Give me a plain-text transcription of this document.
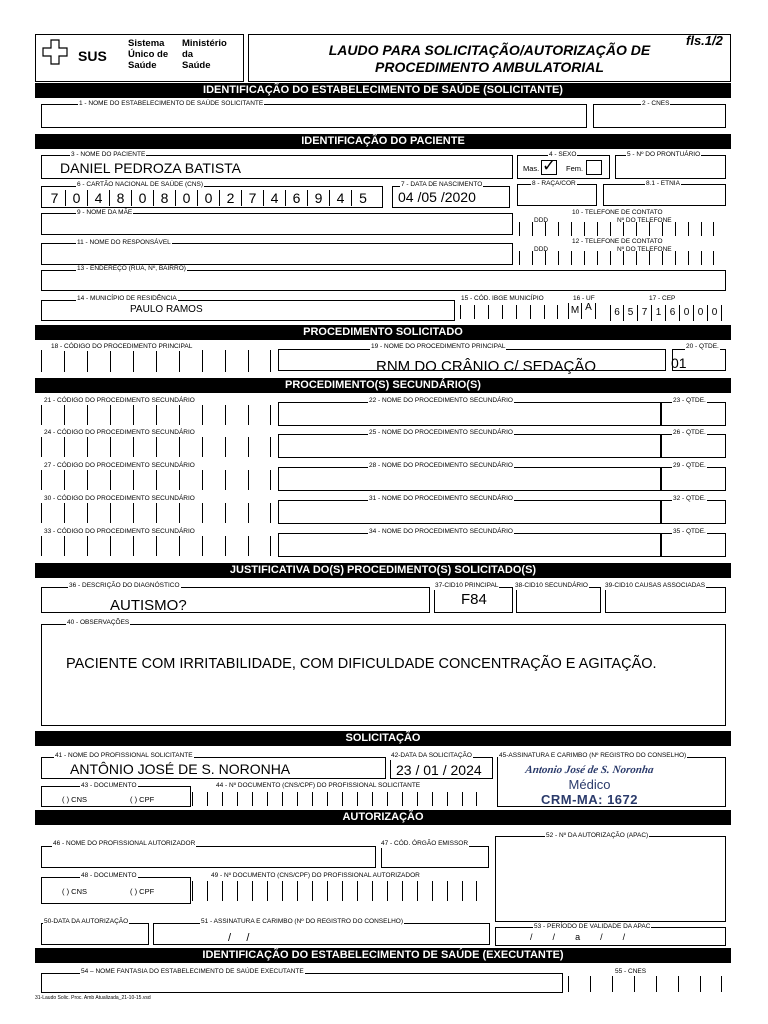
SUS
Sistema
Único de
Saúde
Ministério
da
Saúde
LAUDO PARA SOLICITAÇÃO/AUTORIZAÇÃO DE
PROCEDIMENTO AMBULATORIAL
fls.1/2
IDENTIFICAÇÃO DO ESTABELECIMENTO DE SAÚDE (SOLICITANTE)
1 - NOME DO ESTABELECIMENTO DE SAÚDE SOLICITANTE	2 - CNES
IDENTIFICAÇÃO DO PACIENTE
3 - NOME DO PACIENTE
DANIEL PEDROZA BATISTA
4 - SEXO
Mas. ✓ Fem.
5 - Nº DO PRONTUÁRIO
6 - CARTÃO NACIONAL DE SAÚDE (CNS)
7	0	4	8	0	8	0	0	2	7	4	6	9	4	5
7 - DATA DE NASCIMENTO
04 /05 /2020
8 - RAÇA/COR	8.1 - ETNIA
9 - NOME DA MÃE	10 - TELEFONE DE CONTATO
DDD	Nº DO TELEFONE
11 - NOME DO RESPONSÁVEL	12 - TELEFONE DE CONTATO
DDD	Nº DO TELEFONE
13 - ENDEREÇO (RUA, Nº, BAIRRO)
14 - MUNICÍPIO DE RESIDÊNCIA
PAULO RAMOS
15 - CÓD. IBGE MUNICÍPIO	16 - UF
M A
17 - CEP
6 5 7 1 6 0 0 0
PROCEDIMENTO SOLICITADO
18 - CÓDIGO DO PROCEDIMENTO PRINCIPAL	19 - NOME DO PROCEDIMENTO PRINCIPAL
RNM DO CRÂNIO C/ SEDAÇÃO
20 - QTDE.
01
PROCEDIMENTO(S) SECUNDÁRIO(S)
21 - CÓDIGO DO PROCEDIMENTO SECUNDÁRIO	22 - NOME DO PROCEDIMENTO SECUNDÁRIO	23 - QTDE.
24 - CÓDIGO DO PROCEDIMENTO SECUNDÁRIO	25 - NOME DO PROCEDIMENTO SECUNDÁRIO	26 - QTDE.
27 - CÓDIGO DO PROCEDIMENTO SECUNDÁRIO	28 - NOME DO PROCEDIMENTO SECUNDÁRIO	29 - QTDE.
30 - CÓDIGO DO PROCEDIMENTO SECUNDÁRIO	31 - NOME DO PROCEDIMENTO SECUNDÁRIO	32 - QTDE.
33 - CÓDIGO DO PROCEDIMENTO SECUNDÁRIO	34 - NOME DO PROCEDIMENTO SECUNDÁRIO	35 - QTDE.
JUSTIFICATIVA DO(S) PROCEDIMENTO(S) SOLICITADO(S)
36 - DESCRIÇÃO DO DIAGNÓSTICO
AUTISMO?
37-CID10 PRINCIPAL
F84
38-CID10 SECUNDÁRIO	39-CID10 CAUSAS ASSOCIADAS
40 - OBSERVAÇÕES
PACIENTE COM IRRITABILIDADE, COM DIFICULDADE CONCENTRAÇÃO E AGITAÇÃO.
SOLICITAÇÃO
41 - NOME DO PROFISSIONAL SOLICITANTE
ANTÔNIO JOSÉ DE S. NORONHA
42-DATA DA SOLICITAÇÃO
23 / 01 / 2024
45-ASSINATURA E CARIMBO (Nº REGISTRO DO CONSELHO)
Antonio José de S. Noronha
Médico
CRM-MA: 1672
43 - DOCUMENTO
( ) CNS	( ) CPF
44 - Nº DOCUMENTO (CNS/CPF) DO PROFISSIONAL SOLICITANTE
AUTORIZAÇÃO
46 - NOME DO PROFISSIONAL AUTORIZADOR	47 - CÓD. ÓRGÃO EMISSOR
52 - Nº DA AUTORIZAÇÃO (APAC)
48 - DOCUMENTO
( ) CNS	( ) CPF
49 - Nº DOCUMENTO (CNS/CPF) DO PROFISSIONAL AUTORIZADOR
50-DATA DA AUTORIZAÇÃO
/ /
51 - ASSINATURA E CARIMBO (Nº DO REGISTRO DO CONSELHO)
53 - PERÍODO DE VALIDADE DA APAC
/ / a / /
IDENTIFICAÇÃO DO ESTABELECIMENTO DE SAÚDE (EXECUTANTE)
54 – NOME FANTASIA DO ESTABELECIMENTO DE SAÚDE EXECUTANTE	55 - CNES
31-Laudo Solic. Proc. Amb Atualizada_21-10-15.vsd
